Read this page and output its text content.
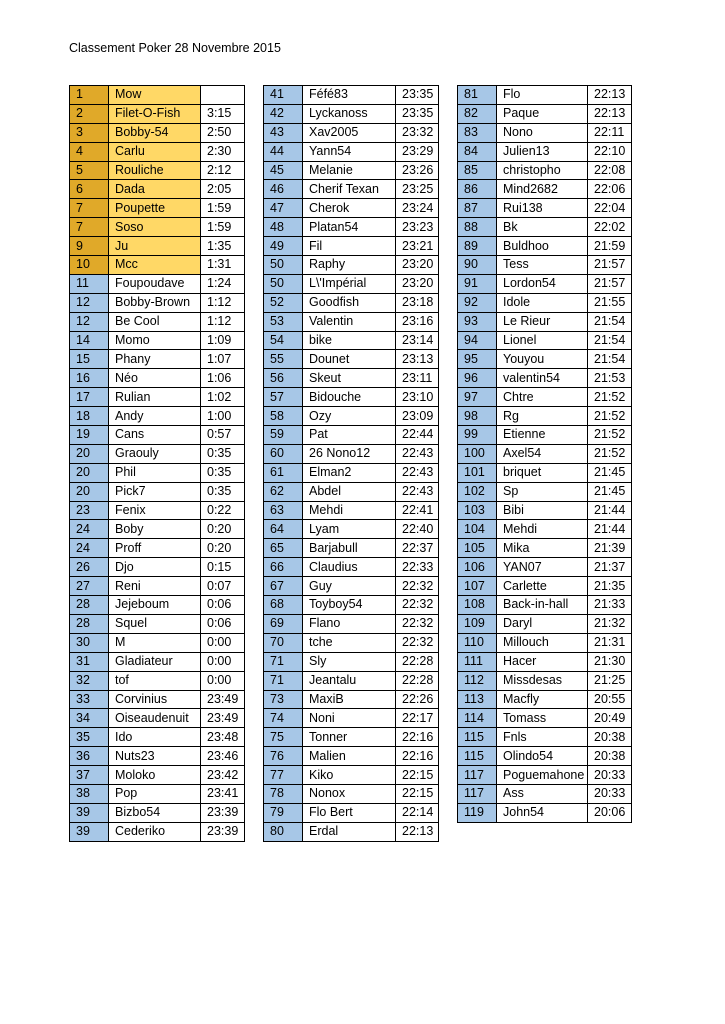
Classement Poker 28 Novembre 2015
1	Mow	
2	Filet-O-Fish	3:15
3	Bobby-54	2:50
4	Carlu	2:30
5	Rouliche	2:12
6	Dada	2:05
7	Poupette	1:59
7	Soso	1:59
9	Ju	1:35
10	Mcc	1:31
11	Foupoudave	1:24
12	Bobby-Brown	1:12
12	Be Cool	1:12
14	Momo	1:09
15	Phany	1:07
16	Néo	1:06
17	Rulian	1:02
18	Andy	1:00
19	Cans	0:57
20	Graouly	0:35
20	Phil	0:35
20	Pick7	0:35
23	Fenix	0:22
24	Boby	0:20
24	Proff	0:20
26	Djo	0:15
27	Reni	0:07
28	Jejeboum	0:06
28	Squel	0:06
30	M	0:00
31	Gladiateur	0:00
32	tof	0:00
33	Corvinius	23:49
34	Oiseaudenuit	23:49
35	Ido	23:48
36	Nuts23	23:46
37	Moloko	23:42
38	Pop	23:41
39	Bizbo54	23:39
39	Cederiko	23:39
41	Féfé83	23:35
42	Lyckanoss	23:35
43	Xav2005	23:32
44	Yann54	23:29
45	Melanie	23:26
46	Cherif Texan	23:25
47	Cherok	23:24
48	Platan54	23:23
49	Fil	23:21
50	Raphy	23:20
50	L\'Impérial	23:20
52	Goodfish	23:18
53	Valentin	23:16
54	bike	23:14
55	Dounet	23:13
56	Skeut	23:11
57	Bidouche	23:10
58	Ozy	23:09
59	Pat	22:44
60	26 Nono12	22:43
61	Elman2	22:43
62	Abdel	22:43
63	Mehdi	22:41
64	Lyam	22:40
65	Barjabull	22:37
66	Claudius	22:33
67	Guy	22:32
68	Toyboy54	22:32
69	Flano	22:32
70	tche	22:32
71	Sly	22:28
71	Jeantalu	22:28
73	MaxiB	22:26
74	Noni	22:17
75	Tonner	22:16
76	Malien	22:16
77	Kiko	22:15
78	Nonox	22:15
79	Flo Bert	22:14
80	Erdal	22:13
81	Flo	22:13
82	Paque	22:13
83	Nono	22:11
84	Julien13	22:10
85	christopho	22:08
86	Mind2682	22:06
87	Rui138	22:04
88	Bk	22:02
89	Buldhoo	21:59
90	Tess	21:57
91	Lordon54	21:57
92	Idole	21:55
93	Le Rieur	21:54
94	Lionel	21:54
95	Youyou	21:54
96	valentin54	21:53
97	Chtre	21:52
98	Rg	21:52
99	Etienne	21:52
100	Axel54	21:52
101	briquet	21:45
102	Sp	21:45
103	Bibi	21:44
104	Mehdi	21:44
105	Mika	21:39
106	YAN07	21:37
107	Carlette	21:35
108	Back-in-hall	21:33
109	Daryl	21:32
110	Millouch	21:31
111	Hacer	21:30
112	Missdesas	21:25
113	Macfly	20:55
114	Tomass	20:49
115	Fnls	20:38
115	Olindo54	20:38
117	Poguemahone	20:33
117	Ass	20:33
119	John54	20:06
